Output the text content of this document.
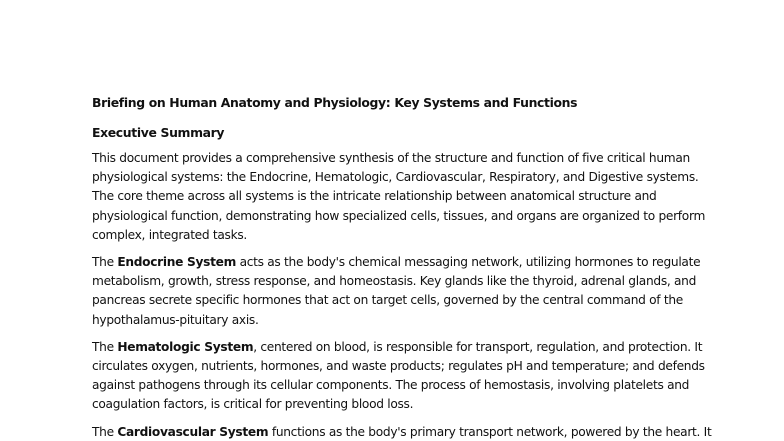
Briefing on Human Anatomy and Physiology: Key Systems and Functions
Executive Summary
This document provides a comprehensive synthesis of the structure and function of five critical human
physiological systems: the Endocrine, Hematologic, Cardiovascular, Respiratory, and Digestive systems.
The core theme across all systems is the intricate relationship between anatomical structure and
physiological function, demonstrating how specialized cells, tissues, and organs are organized to perform
complex, integrated tasks.
The Endocrine System acts as the body's chemical messaging network, utilizing hormones to regulate
metabolism, growth, stress response, and homeostasis. Key glands like the thyroid, adrenal glands, and
pancreas secrete specific hormones that act on target cells, governed by the central command of the
hypothalamus-pituitary axis.
The Hematologic System, centered on blood, is responsible for transport, regulation, and protection. It
circulates oxygen, nutrients, hormones, and waste products; regulates pH and temperature; and defends
against pathogens through its cellular components. The process of hemostasis, involving platelets and
coagulation factors, is critical for preventing blood loss.
The Cardiovascular System functions as the body's primary transport network, powered by the heart. It
